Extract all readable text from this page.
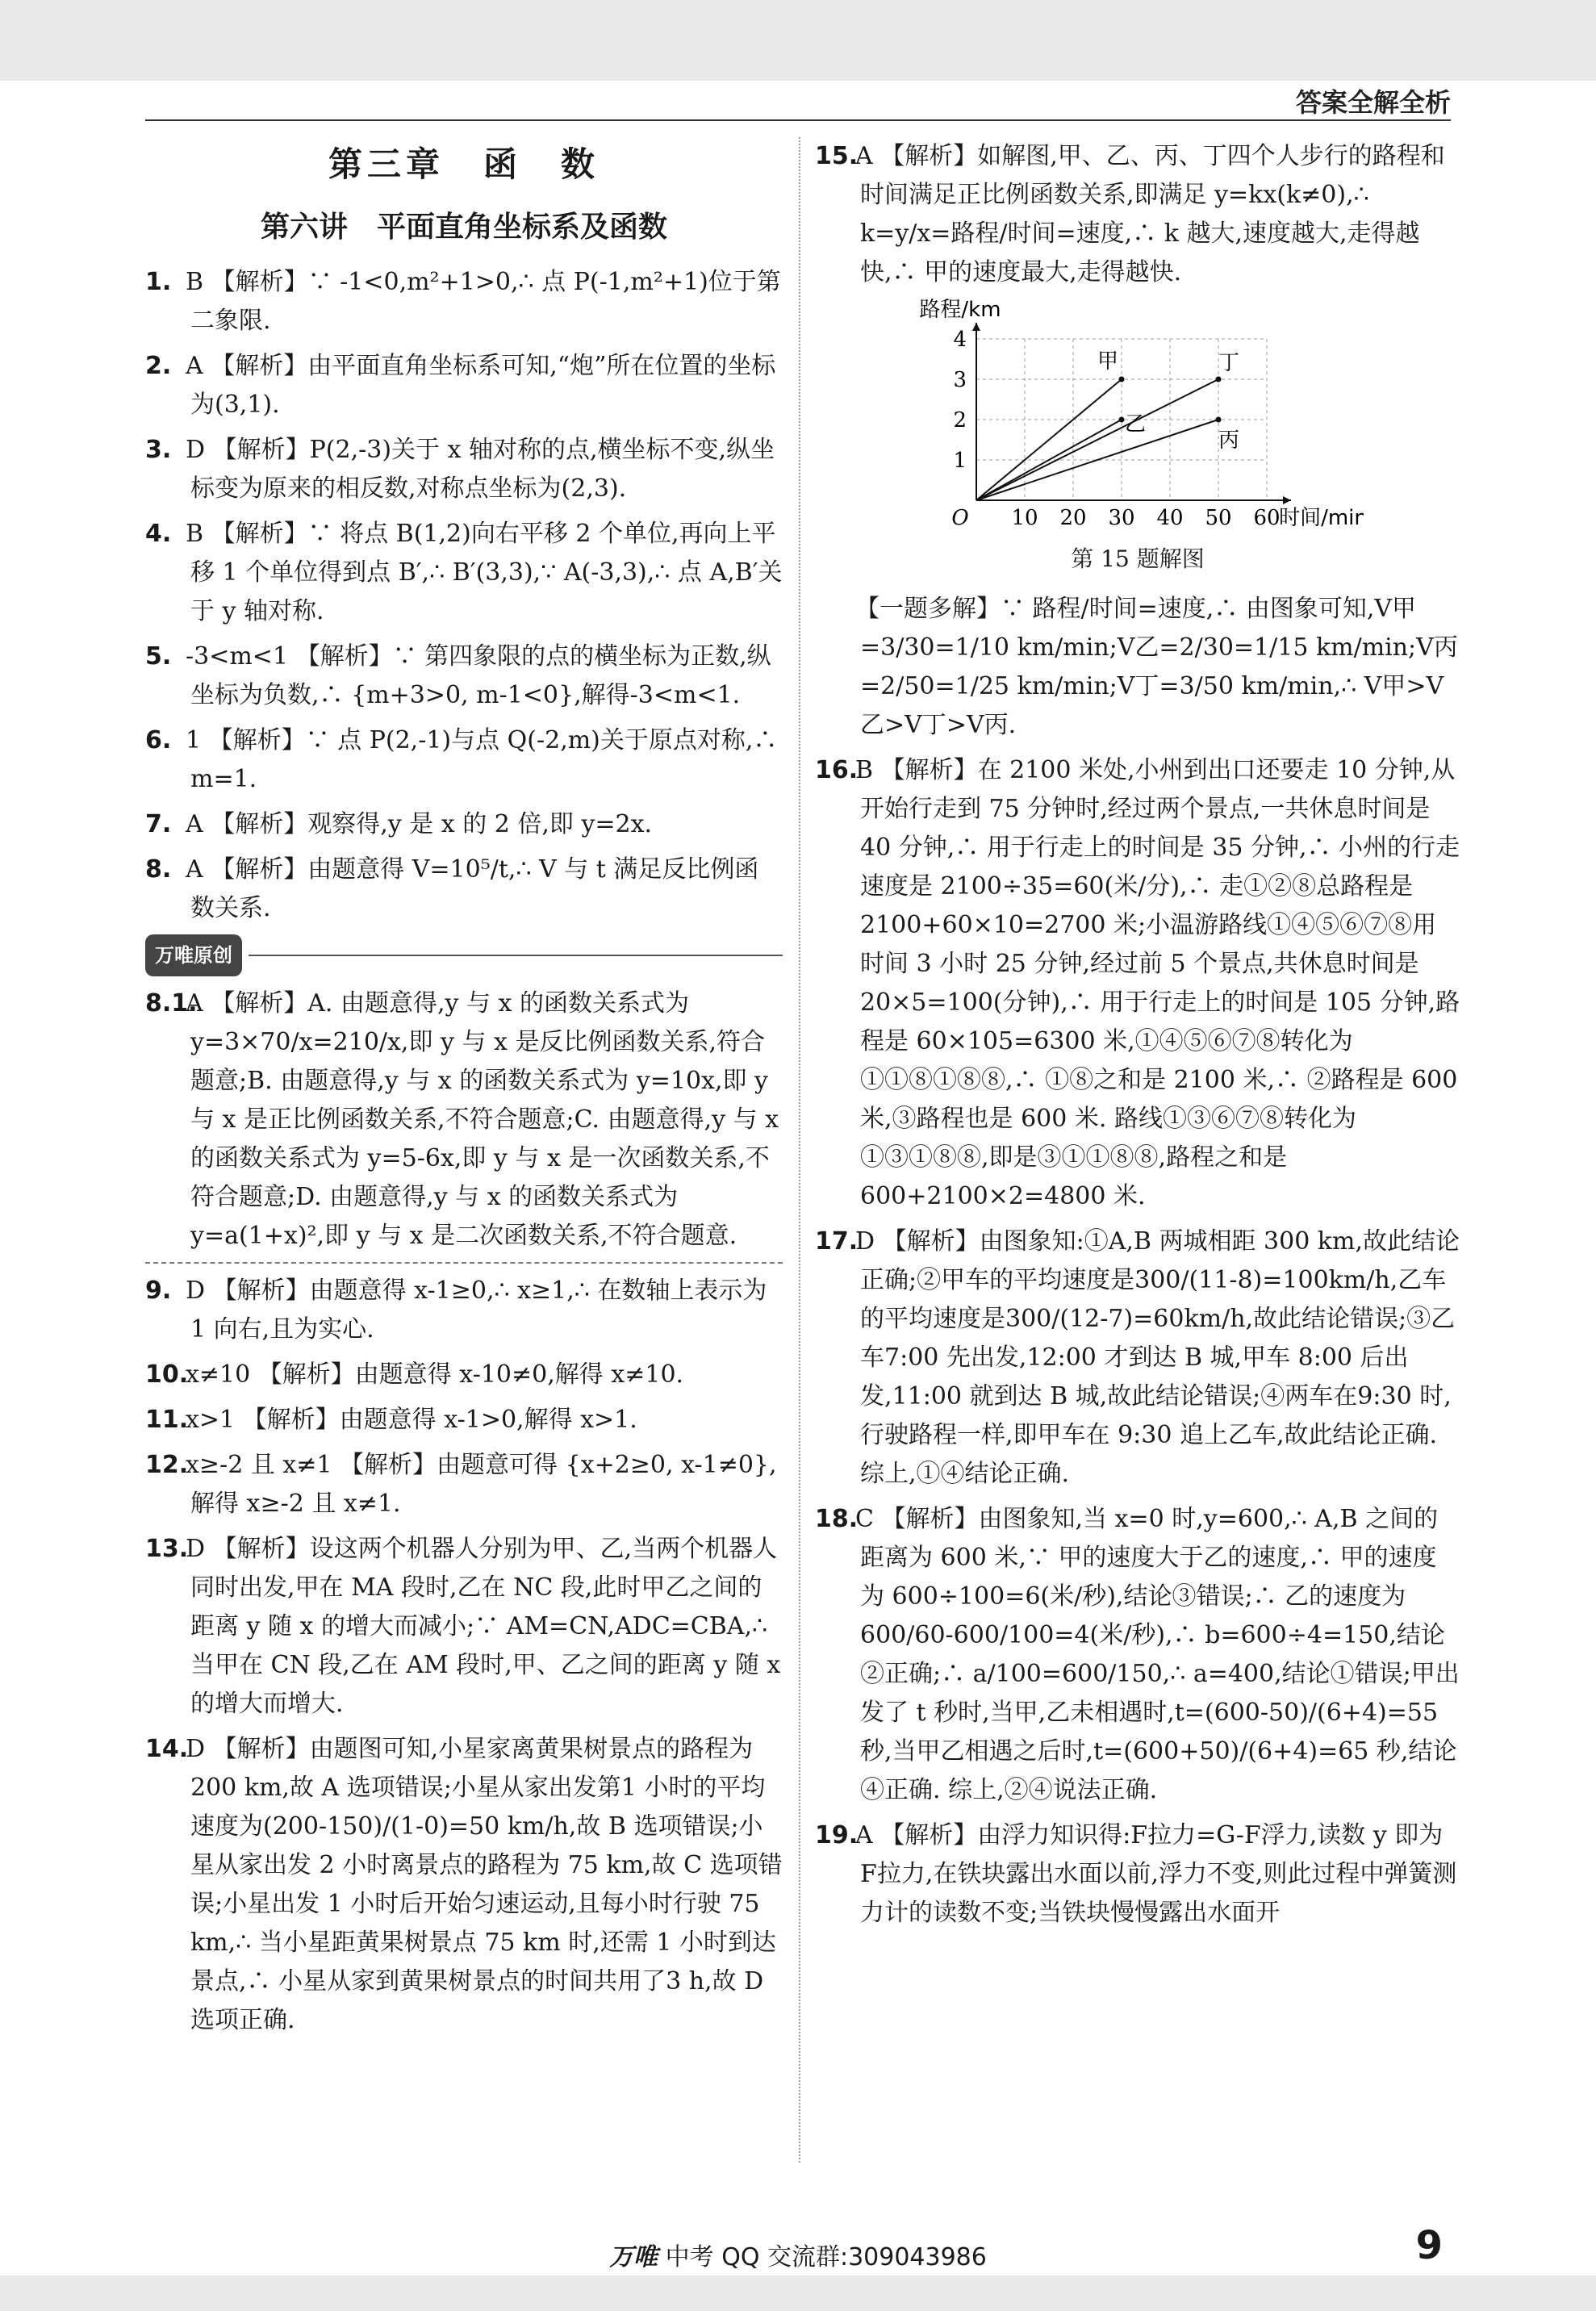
答案全解全析
第三章　函　数
第六讲　平面直角坐标系及函数
1. B 【解析】∵ -1<0,m²+1>0,∴ 点 P(-1,m²+1)位于第二象限.
2. A 【解析】由平面直角坐标系可知,“炮”所在位置的坐标为(3,1).
3. D 【解析】P(2,-3)关于 x 轴对称的点,横坐标不变,纵坐标变为原来的相反数,对称点坐标为(2,3).
4. B 【解析】∵ 将点 B(1,2)向右平移 2 个单位,再向上平移 1 个单位得到点 B′,∴ B′(3,3),∵ A(-3,3),∴ 点 A,B′关于 y 轴对称.
5. -3<m<1 【解析】∵ 第四象限的点的横坐标为正数,纵坐标为负数,∴ {m+3>0, m-1<0},解得-3<m<1.
6. 1 【解析】∵ 点 P(2,-1)与点 Q(-2,m)关于原点对称,∴ m=1.
7. A 【解析】观察得,y 是 x 的 2 倍,即 y=2x.
8. A 【解析】由题意得 V=10⁵/t,∴ V 与 t 满足反比例函数关系.
万唯原创
8.1.A 【解析】A. 由题意得,y 与 x 的函数关系式为 y=3×70/x=210/x,即 y 与 x 是反比例函数关系,符合题意;B. 由题意得,y 与 x 的函数关系式为 y=10x,即 y 与 x 是正比例函数关系,不符合题意;C. 由题意得,y 与 x 的函数关系式为 y=5-6x,即 y 与 x 是一次函数关系,不符合题意;D. 由题意得,y 与 x 的函数关系式为 y=a(1+x)²,即 y 与 x 是二次函数关系,不符合题意.
9. D 【解析】由题意得 x-1≥0,∴ x≥1,∴ 在数轴上表示为 1 向右,且为实心.
10.x≠10 【解析】由题意得 x-10≠0,解得 x≠10.
11.x>1 【解析】由题意得 x-1>0,解得 x>1.
12.x≥-2 且 x≠1 【解析】由题意可得 {x+2≥0, x-1≠0},解得 x≥-2 且 x≠1.
13.D 【解析】设这两个机器人分别为甲、乙,当两个机器人同时出发,甲在 MA 段时,乙在 NC 段,此时甲乙之间的距离 y 随 x 的增大而减小;∵ AM=CN,ADC=CBA,∴ 当甲在 CN 段,乙在 AM 段时,甲、乙之间的距离 y 随 x 的增大而增大.
14.D 【解析】由题图可知,小星家离黄果树景点的路程为 200 km,故 A 选项错误;小星从家出发第1 小时的平均速度为(200-150)/(1-0)=50 km/h,故 B 选项错误;小星从家出发 2 小时离景点的路程为 75 km,故 C 选项错误;小星出发 1 小时后开始匀速运动,且每小时行驶 75 km,∴ 当小星距黄果树景点 75 km 时,还需 1 小时到达景点,∴ 小星从家到黄果树景点的时间共用了3 h,故 D 选项正确.
15.A 【解析】如解图,甲、乙、丙、丁四个人步行的路程和时间满足正比例函数关系,即满足 y=kx(k≠0),∴ k=y/x=路程/时间=速度,∴ k 越大,速度越大,走得越快,∴ 甲的速度最大,走得越快.
10 20 30 40 50 60
1
2
3
4
O	时间/min
路程/km
甲
乙
丁
丙
第 15 题解图
【一题多解】∵ 路程/时间=速度,∴ 由图象可知,V甲=3/30=1/10 km/min;V乙=2/30=1/15 km/min;V丙=2/50=1/25 km/min;V丁=3/50 km/min,∴ V甲>V乙>V丁>V丙.
16.B 【解析】在 2100 米处,小州到出口还要走 10 分钟,从开始行走到 75 分钟时,经过两个景点,一共休息时间是 40 分钟,∴ 用于行走上的时间是 35 分钟,∴ 小州的行走速度是 2100÷35=60(米/分),∴ 走①②⑧总路程是 2100+60×10=2700 米;小温游路线①④⑤⑥⑦⑧用时间 3 小时 25 分钟,经过前 5 个景点,共休息时间是 20×5=100(分钟),∴ 用于行走上的时间是 105 分钟,路程是 60×105=6300 米,①④⑤⑥⑦⑧转化为①①⑧①⑧⑧,∴ ①⑧之和是 2100 米,∴ ②路程是 600 米,③路程也是 600 米. 路线①③⑥⑦⑧转化为①③①⑧⑧,即是③①①⑧⑧,路程之和是 600+2100×2=4800 米.
17.D 【解析】由图象知:①A,B 两城相距 300 km,故此结论正确;②甲车的平均速度是300/(11-8)=100km/h,乙车的平均速度是300/(12-7)=60km/h,故此结论错误;③乙车7:00 先出发,12:00 才到达 B 城,甲车 8:00 后出发,11:00 就到达 B 城,故此结论错误;④两车在9:30 时,行驶路程一样,即甲车在 9:30 追上乙车,故此结论正确. 综上,①④结论正确.
18.C 【解析】由图象知,当 x=0 时,y=600,∴ A,B 之间的距离为 600 米,∵ 甲的速度大于乙的速度,∴ 甲的速度为 600÷100=6(米/秒),结论③错误;∴ 乙的速度为600/60-600/100=4(米/秒),∴ b=600÷4=150,结论②正确;∴ a/100=600/150,∴ a=400,结论①错误;甲出发了 t 秒时,当甲,乙未相遇时,t=(600-50)/(6+4)=55 秒,当甲乙相遇之后时,t=(600+50)/(6+4)=65 秒,结论④正确. 综上,②④说法正确.
19.A 【解析】由浮力知识得:F拉力=G-F浮力,读数 y 即为 F拉力,在铁块露出水面以前,浮力不变,则此过程中弹簧测力计的读数不变;当铁块慢慢露出水面开
万唯 中考 QQ 交流群:309043986	9
